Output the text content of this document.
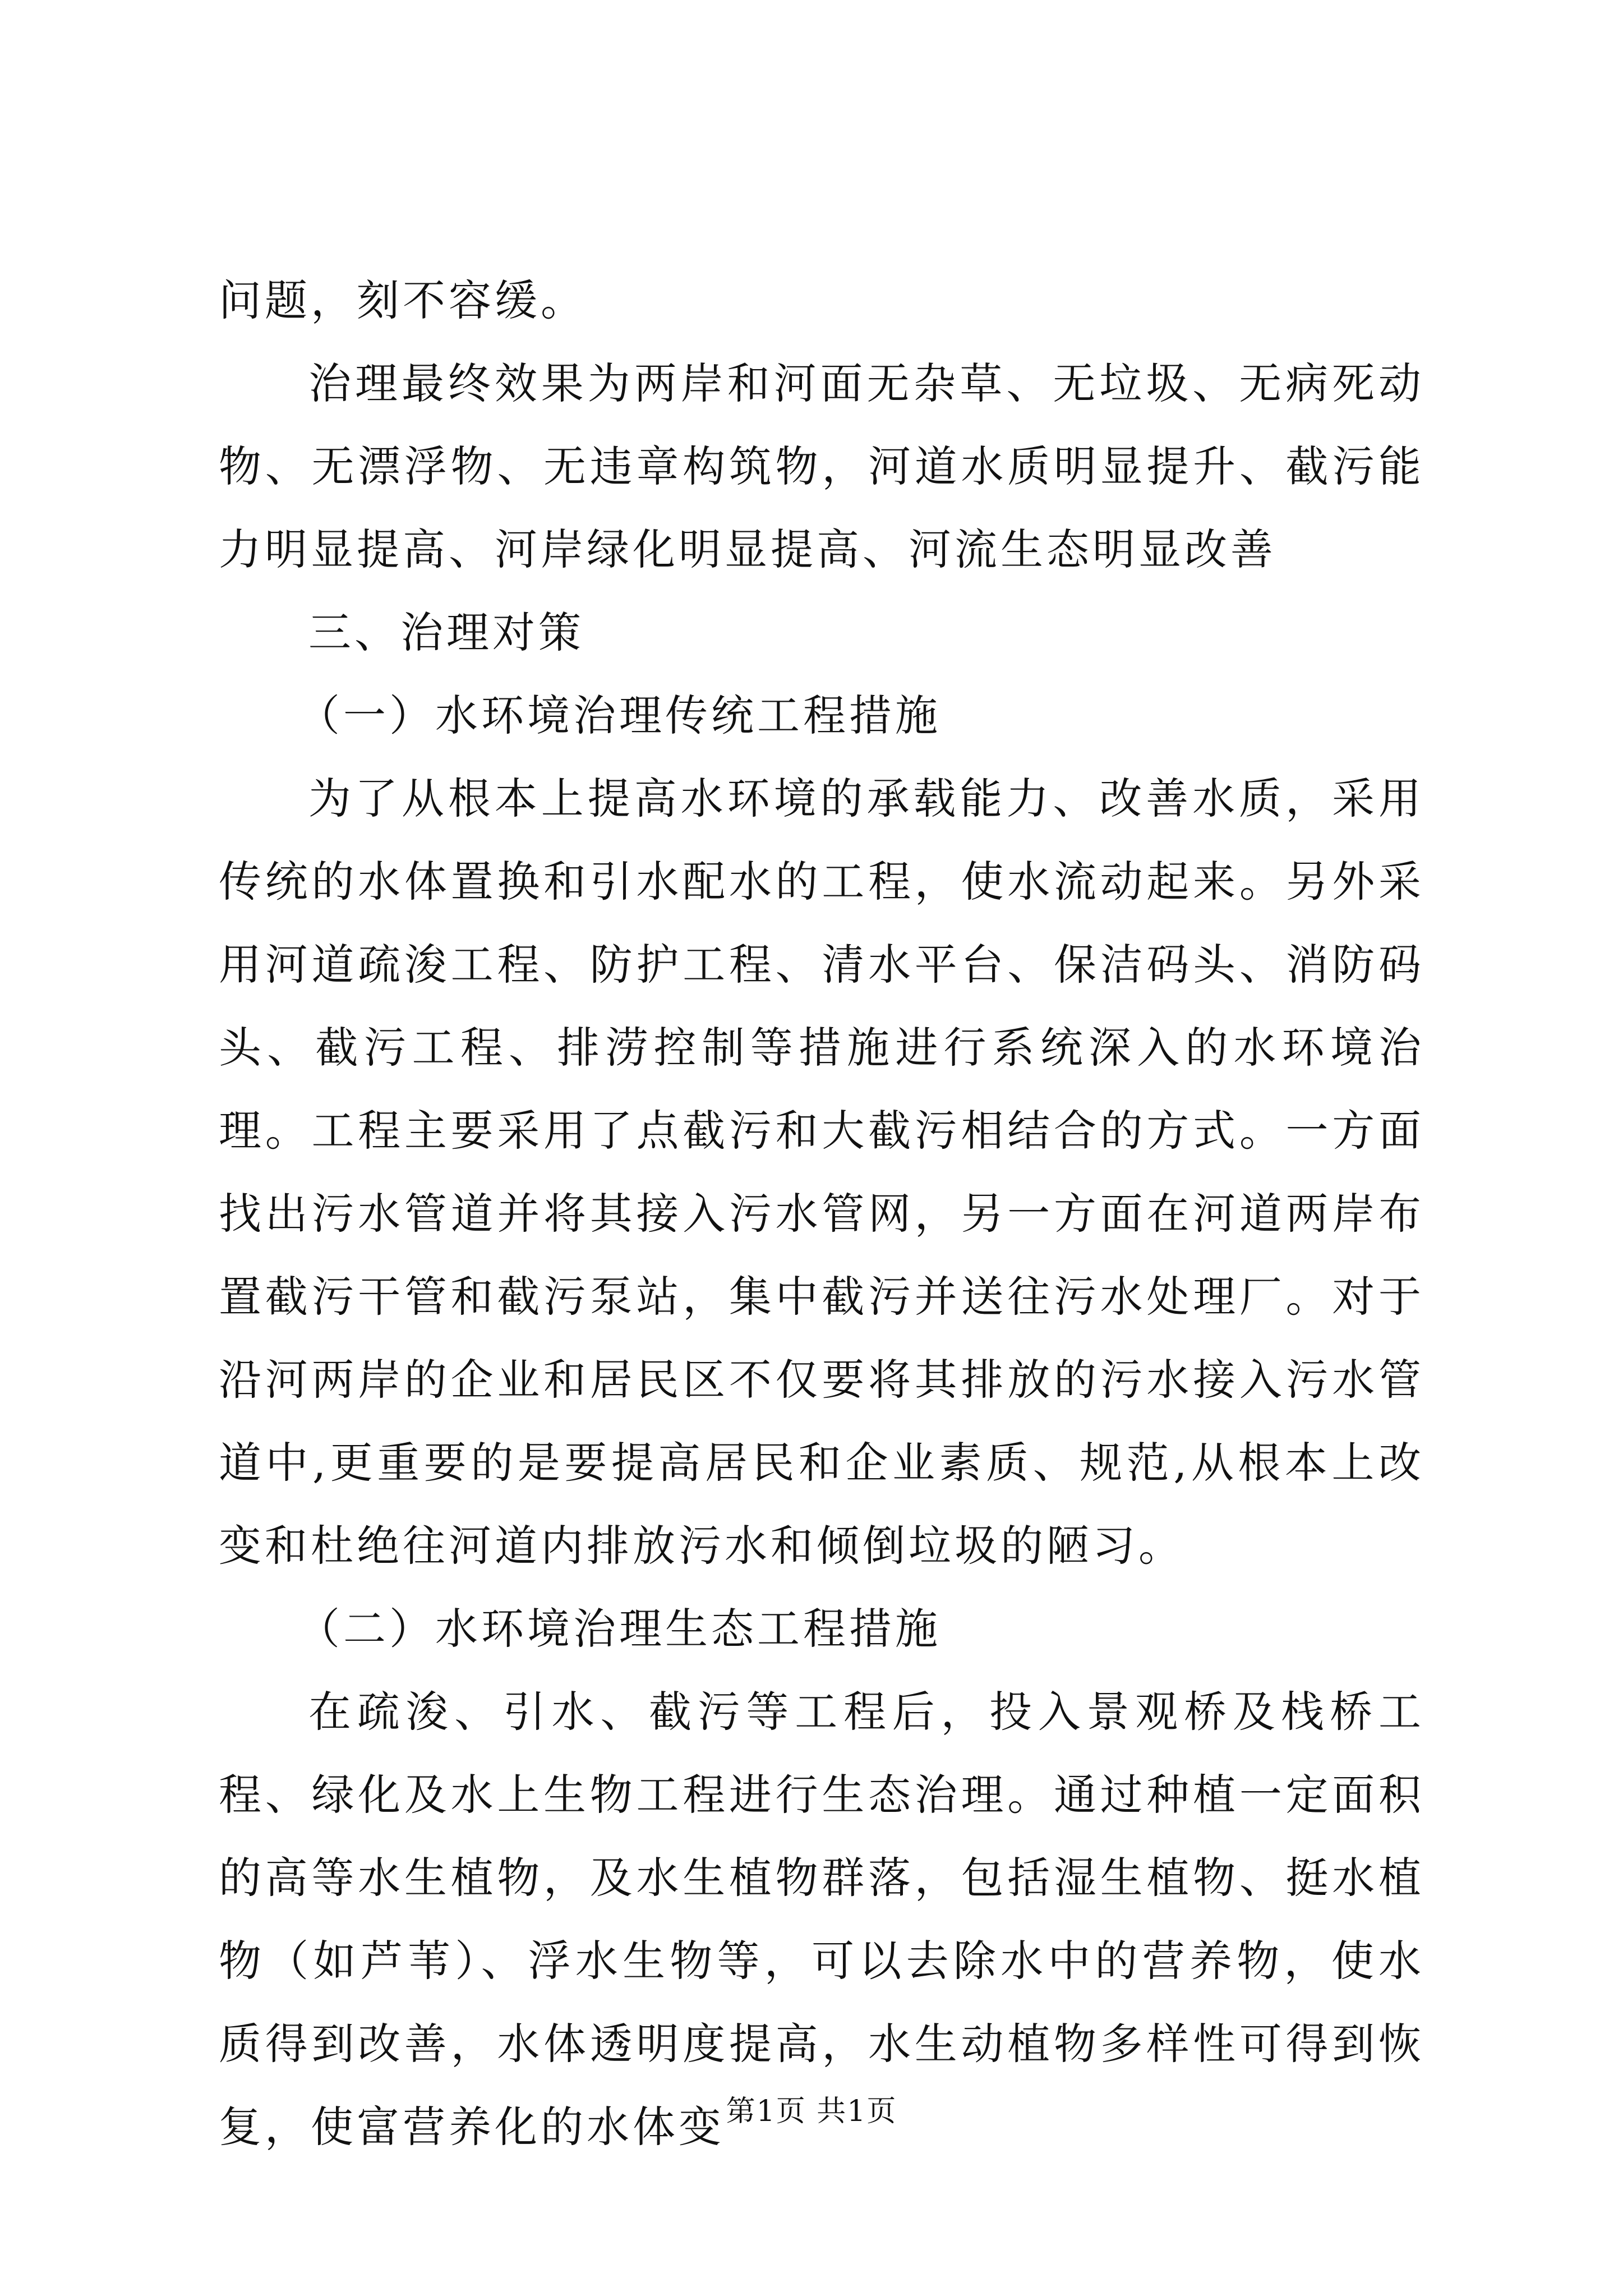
问题，刻不容缓。

治理最终效果为两岸和河面无杂草、无垃圾、无病死动物、无漂浮物、无违章构筑物，河道水质明显提升、截污能力明显提高、河岸绿化明显提高、河流生态明显改善

三、治理对策

（一）水环境治理传统工程措施

为了从根本上提高水环境的承载能力、改善水质，采用传统的水体置换和引水配水的工程，使水流动起来。另外采用河道疏浚工程、防护工程、清水平台、保洁码头、消防码头、截污工程、排涝控制等措施进行系统深入的水环境治理。工程主要采用了点截污和大截污相结合的方式。一方面找出污水管道并将其接入污水管网，另一方面在河道两岸布置截污干管和截污泵站，集中截污并送往污水处理厂。对于沿河两岸的企业和居民区不仅要将其排放的污水接入污水管道中,更重要的是要提高居民和企业素质、规范,从根本上改变和杜绝往河道内排放污水和倾倒垃圾的陋习。

（二）水环境治理生态工程措施

在疏浚、引水、截污等工程后，投入景观桥及栈桥工程、绿化及水上生物工程进行生态治理。通过种植一定面积的高等水生植物，及水生植物群落，包括湿生植物、挺水植物（如芦苇）、浮水生物等，可以去除水中的营养物，使水质得到改善，水体透明度提高，水生动植物多样性可得到恢复，使富营养化的水体变 第1页 共1页
